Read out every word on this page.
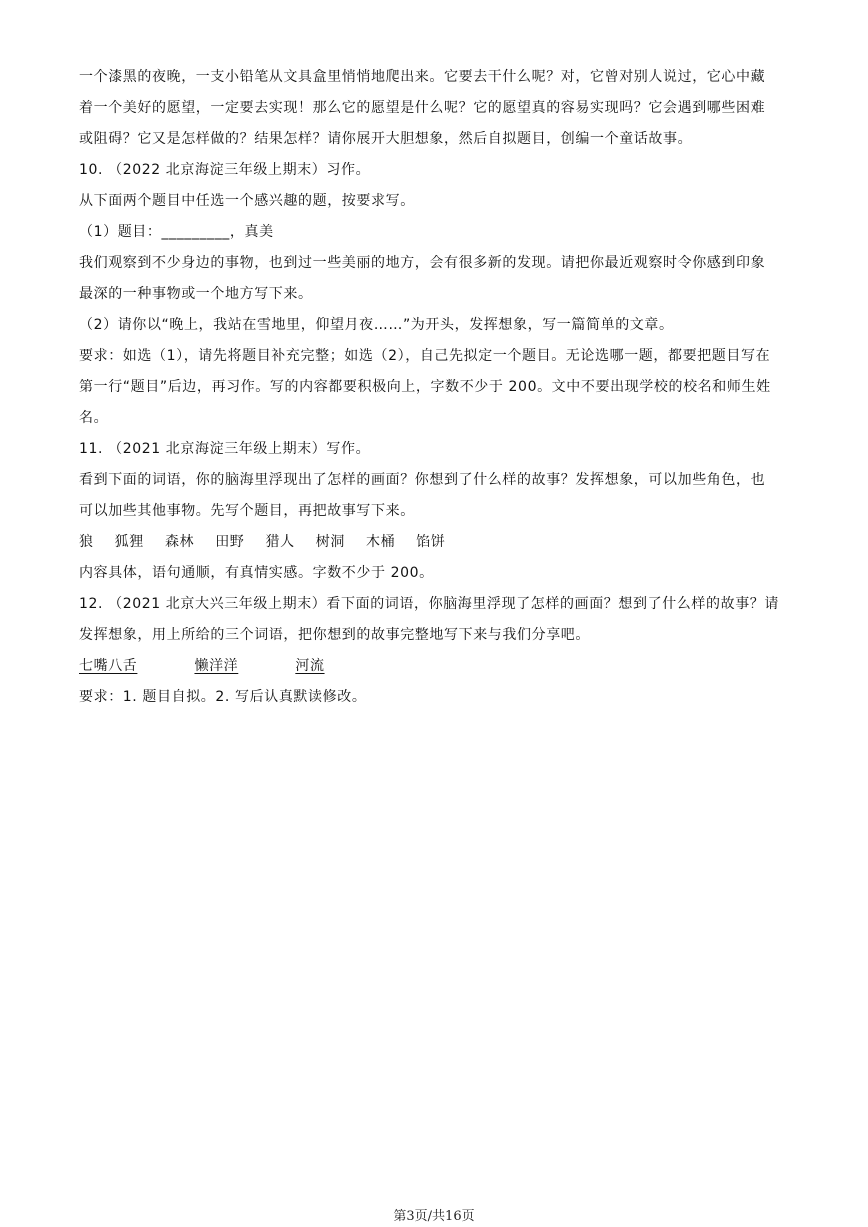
一个漆黑的夜晚，一支小铅笔从文具盒里悄悄地爬出来。它要去干什么呢？对，它曾对别人说过，它心中藏
着一个美好的愿望，一定要去实现！那么它的愿望是什么呢？它的愿望真的容易实现吗？它会遇到哪些困难
或阻碍？它又是怎样做的？结果怎样？请你展开大胆想象，然后自拟题目，创编一个童话故事。
10. （2022 北京海淀三年级上期末）习作。
从下面两个题目中任选一个感兴趣的题，按要求写。
（1）题目：_________，真美
我们观察到不少身边的事物，也到过一些美丽的地方，会有很多新的发现。请把你最近观察时令你感到印象
最深的一种事物或一个地方写下来。
（2）请你以“晚上，我站在雪地里，仰望月夜……”为开头，发挥想象，写一篇简单的文章。
要求：如选（1），请先将题目补充完整；如选（2），自己先拟定一个题目。无论选哪一题，都要把题目写在
第一行“题目”后边，再习作。写的内容都要积极向上，字数不少于 200。文中不要出现学校的校名和师生姓
名。
11. （2021 北京海淀三年级上期末）写作。
看到下面的词语，你的脑海里浮现出了怎样的画面？你想到了什么样的故事？发挥想象，可以加些角色，也
可以加些其他事物。先写个题目，再把故事写下来。
狼 狐狸 森林 田野 猎人 树洞 木桶 馅饼
内容具体，语句通顺，有真情实感。字数不少于 200。
12. （2021 北京大兴三年级上期末）看下面的词语，你脑海里浮现了怎样的画面？想到了什么样的故事？请
发挥想象，用上所给的三个词语，把你想到的故事完整地写下来与我们分享吧。
七嘴八舌	懒洋洋	河流
要求：1. 题目自拟。2. 写后认真默读修改。
第3页/共16页
